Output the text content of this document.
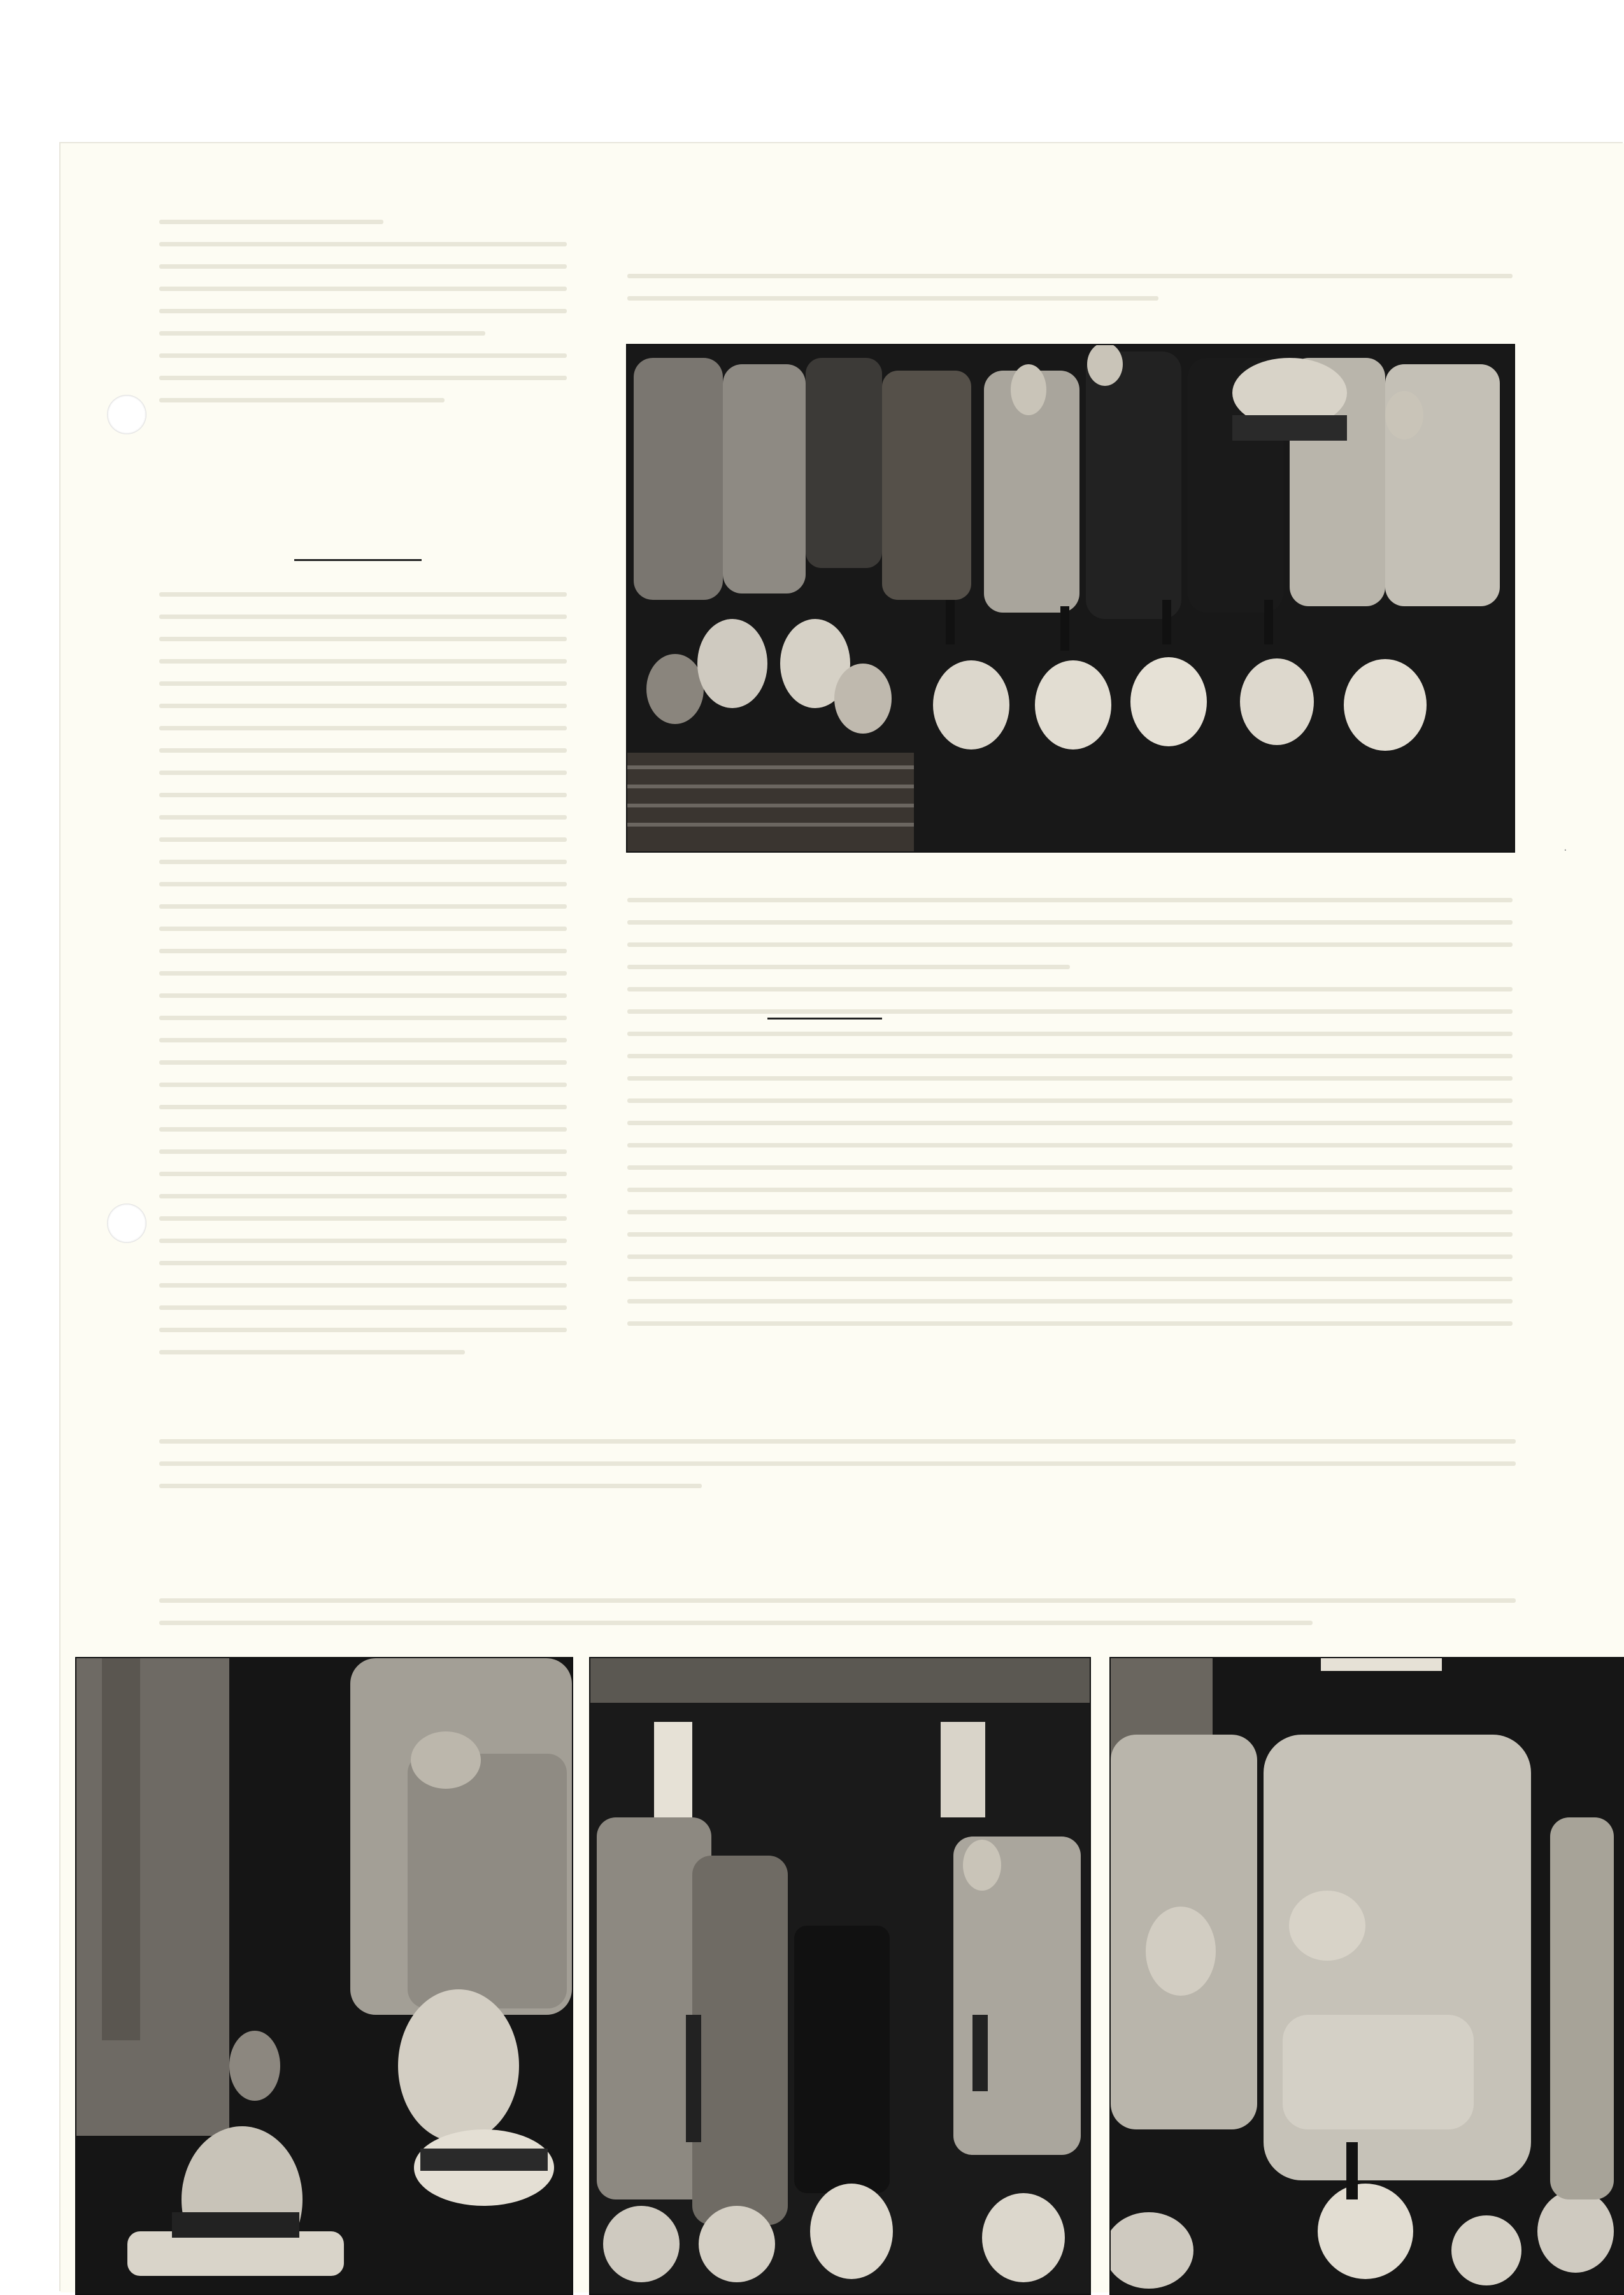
·
